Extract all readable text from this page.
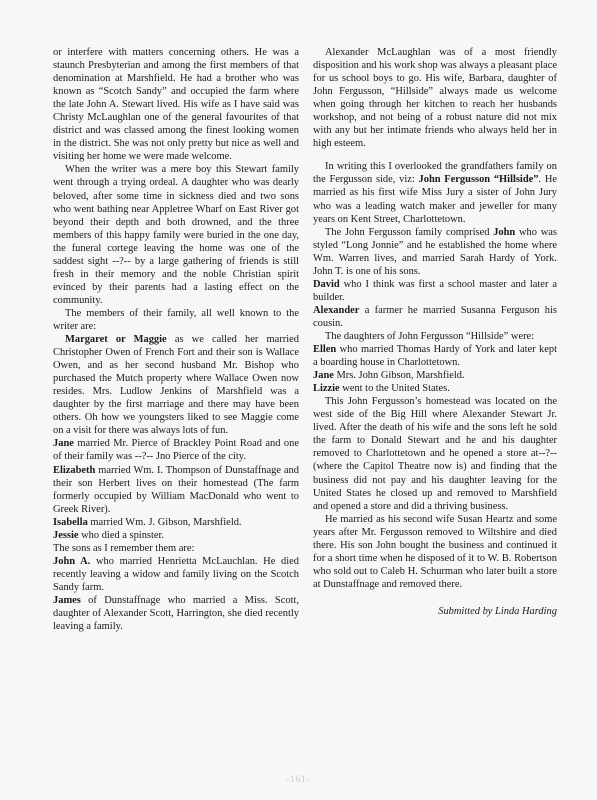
or interfere with matters concerning others. He was a staunch Presbyterian and among the first members of that denomination at Marshfield. He had a brother who was known as “Scotch Sandy” and occupied the farm where the late John A. Stewart lived. His wife as I have said was Christy McLaughlan one of the general favourites of that district and was classed among the finest looking women in the district. She was not only pretty but nice as well and visiting her home we were made welcome.

When the writer was a mere boy this Stewart family went through a trying ordeal. A daughter who was dearly beloved, after some time in sickness died and two sons who went bathing near Appletree Wharf on East River got beyond their depth and both drowned, and the three members of this happy family were buried in the one day, the funeral cortege leaving the home was one of the saddest sight --?-- by a large gathering of friends is still fresh in their memory and the noble Christian spirit evinced by their parents had a lasting effect on the community.

The members of their family, all well known to the writer are:

Margaret or Maggie as we called her married Christopher Owen of French Fort and their son is Wallace Owen, and as her second husband Mr. Bishop who purchased the Mutch property where Wallace Owen now resides. Mrs. Ludlow Jenkins of Marshfield was a daughter by the first marriage and there may have been others. Oh how we youngsters liked to see Maggie come on a visit for there was always lots of fun.

Jane married Mr. Pierce of Brackley Point Road and one of their family was --?-- Jno Pierce of the city.

Elizabeth married Wm. I. Thompson of Dunstaffnage and their son Herbert lives on their homestead (The farm formerly occupied by William MacDonald who went to Greek River).

Isabella married Wm. J. Gibson, Marshfield.

Jessie who died a spinster.

The sons as I remember them are:

John A. who married Henrietta McLauchlan. He died recently leaving a widow and family living on the Scotch Sandy farm.

James of Dunstaffnage who married a Miss. Scott, daughter of Alexander Scott, Harrington, she died recently leaving a family.

Alexander McLaughlan was of a most friendly disposition and his work shop was always a pleasant place for us school boys to go. His wife, Barbara, daughter of John Fergusson, “Hillside” always made us welcome when going through her kitchen to reach her husbands workshop, and not being of a robust nature did not mix with any but her intimate friends who always held her in high esteem.

In writing this I overlooked the grandfathers family on the Fergusson side, viz: John Fergusson “Hillside”. He married as his first wife Miss Jury a sister of John Jury who was a leading watch maker and jeweller for many years on Kent Street, Charlottetown.

The John Fergusson family comprised John who was styled “Long Jonnie” and he established the home where Wm. Warren lives, and married Sarah Hardy of York. John T. is one of his sons.

David who I think was first a school master and later a builder.

Alexander a farmer he married Susanna Ferguson his cousin.

The daughters of John Fergusson “Hillside” were:

Ellen who married Thomas Hardy of York and later kept a boarding house in Charlottetown.

Jane Mrs. John Gibson, Marshfield.

Lizzie went to the United States.

This John Fergusson’s homestead was located on the west side of the Big Hill where Alexander Stewart Jr. lived. After the death of his wife and the sons left he sold the farm to Donald Stewart and he and his daughter removed to Charlottetown and he opened a store at--?-- (where the Capitol Theatre now is) and finding that the business did not pay and his daughter leaving for the United States he closed up and removed to Marshfield and opened a store and did a thriving business.

He married as his second wife Susan Heartz and some years after Mr. Fergusson removed to Wiltshire and died there. His son John bought the business and continued it for a short time when he disposed of it to W. B. Robertson who sold out to Caleb H. Schurman who later built a store at Dunstaffnage and removed there.

Submitted by Linda Harding

-161-
